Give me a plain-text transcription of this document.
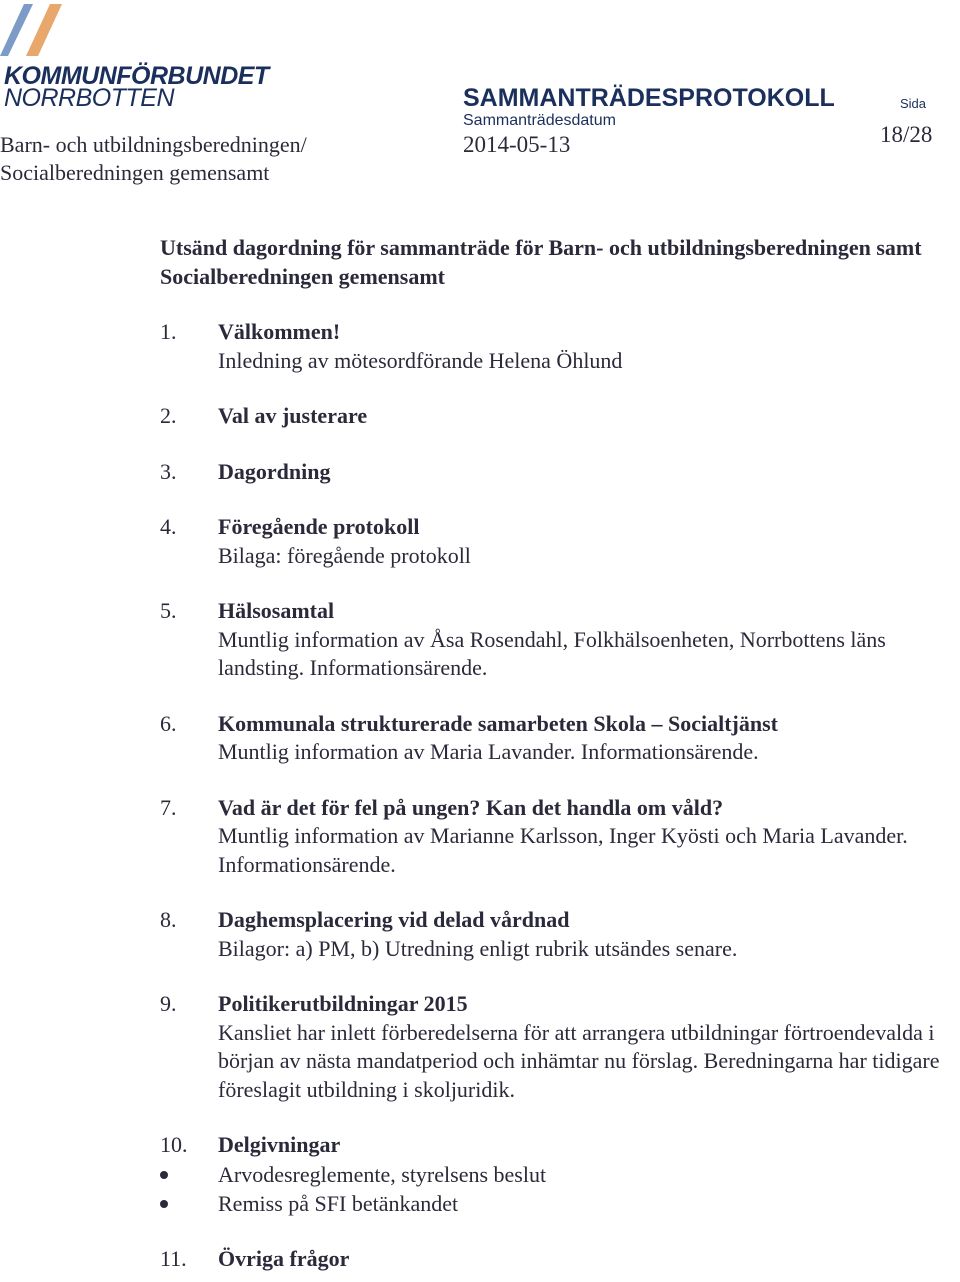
KOMMUNFÖRBUNDET
NORRBOTTEN
Barn- och utbildningsberedningen/
Socialberedningen gemensamt
SAMMANTRÄDESPROTOKOLL
Sammanträdesdatum
2014-05-13
Sida
18/28
Utsänd dagordning för sammanträde för Barn- och utbildningsberedningen samt Socialberedningen gemensamt
1. Välkommen!
Inledning av mötesordförande Helena Öhlund
2. Val av justerare
3. Dagordning
4. Föregående protokoll
Bilaga: föregående protokoll
5. Hälsosamtal
Muntlig information av Åsa Rosendahl, Folkhälsoenheten, Norrbottens läns landsting. Informationsärende.
6. Kommunala strukturerade samarbeten Skola – Socialtjänst
Muntlig information av Maria Lavander. Informationsärende.
7. Vad är det för fel på ungen? Kan det handla om våld?
Muntlig information av Marianne Karlsson, Inger Kyösti och Maria Lavander. Informationsärende.
8. Daghemsplacering vid delad vårdnad
Bilagor: a) PM, b) Utredning enligt rubrik utsändes senare.
9. Politikerutbildningar 2015
Kansliet har inlett förberedelserna för att arrangera utbildningar förtroendevalda i början av nästa mandatperiod och inhämtar nu förslag. Beredningarna har tidigare föreslagit utbildning i skoljuridik.
10. Delgivningar
Arvodesreglemente, styrelsens beslut
Remiss på SFI betänkandet
11. Övriga frågor
